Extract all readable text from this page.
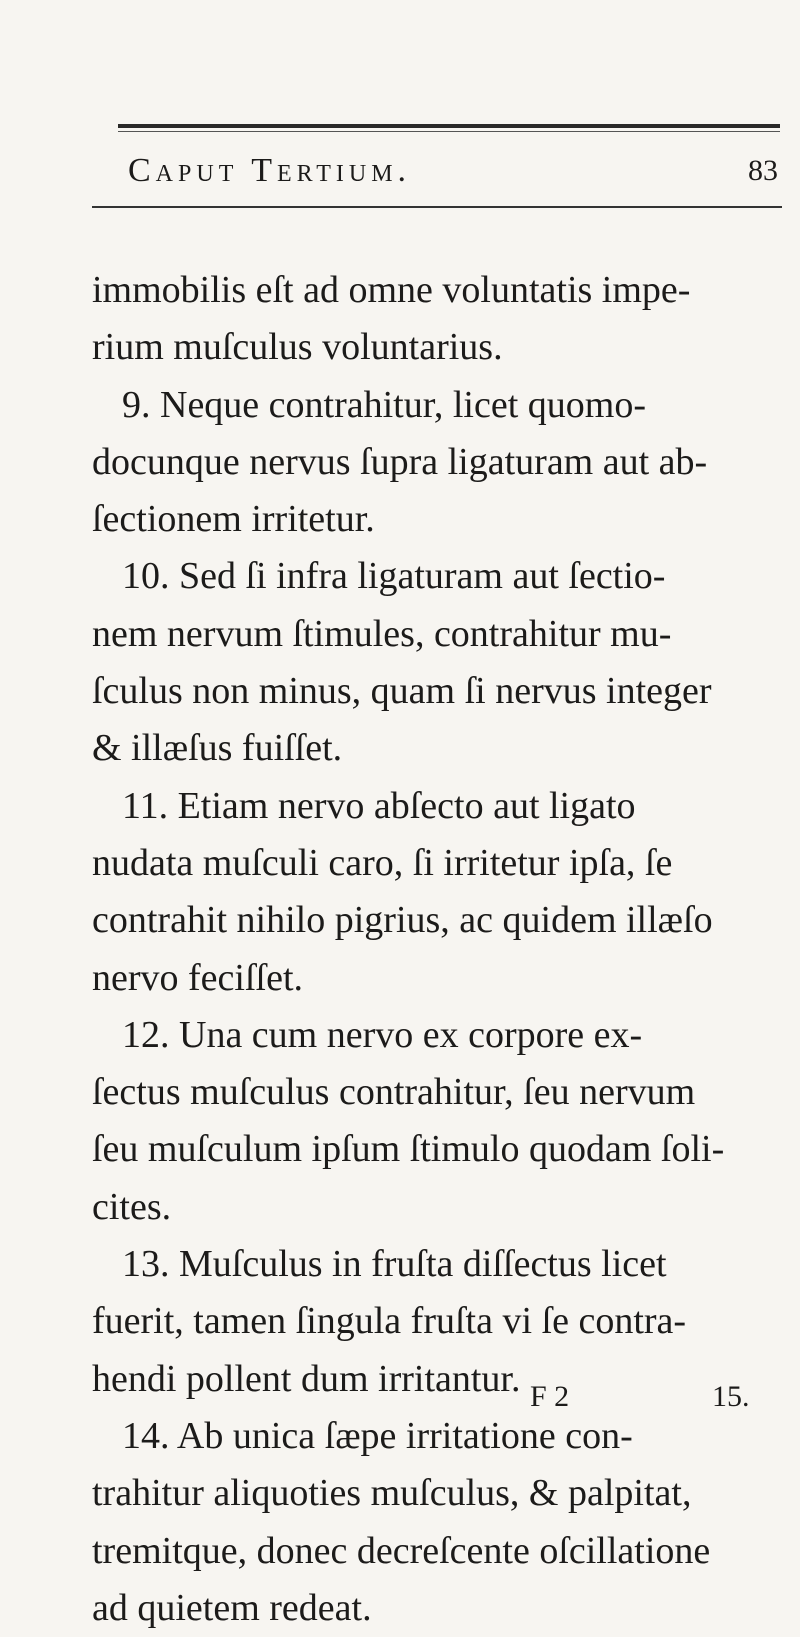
Caput Tertium.	83
immobilis eſt ad omne voluntatis impe-
rium muſculus voluntarius.
9. Neque contrahitur, licet quomo-
docunque nervus ſupra ligaturam aut ab-
ſectionem irritetur.
10. Sed ſi infra ligaturam aut ſectio-
nem nervum ſtimules, contrahitur mu-
ſculus non minus, quam ſi nervus integer
& illæſus fuiſſet.
11. Etiam nervo abſecto aut ligato
nudata muſculi caro, ſi irritetur ipſa, ſe
contrahit nihilo pigrius, ac quidem illæſo
nervo feciſſet.
12. Una cum nervo ex corpore ex-
ſectus muſculus contrahitur, ſeu nervum
ſeu muſculum ipſum ſtimulo quodam ſoli-
cites.
13. Muſculus in fruſta diſſectus licet
fuerit, tamen ſingula fruſta vi ſe contra-
hendi pollent dum irritantur.
14. Ab unica ſæpe irritatione con-
trahitur aliquoties muſculus, & palpitat,
tremitque, donec decreſcente oſcillatione
ad quietem redeat.
F 2	15.
